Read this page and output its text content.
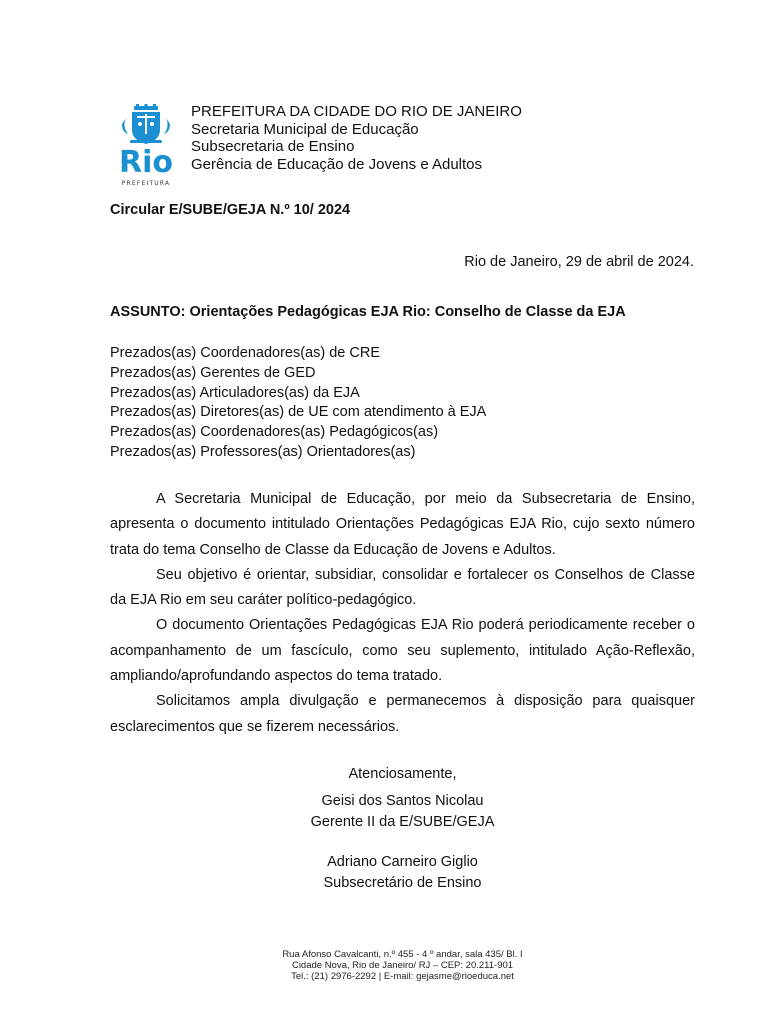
Rio
PREFEITURA
PREFEITURA DA CIDADE DO RIO DE JANEIRO
Secretaria Municipal de Educação
Subsecretaria de Ensino
Gerência de Educação de Jovens e Adultos
Circular E/SUBE/GEJA N.º 10/ 2024
Rio de Janeiro, 29 de abril de 2024.
ASSUNTO: Orientações Pedagógicas EJA Rio: Conselho de Classe da EJA
Prezados(as) Coordenadores(as) de CRE
Prezados(as) Gerentes de GED
Prezados(as) Articuladores(as) da EJA
Prezados(as) Diretores(as) de UE com atendimento à EJA
Prezados(as) Coordenadores(as) Pedagógicos(as)
Prezados(as) Professores(as) Orientadores(as)

A Secretaria Municipal de Educação, por meio da Subsecretaria de Ensino, apresenta o documento intitulado Orientações Pedagógicas EJA Rio, cujo sexto número trata do tema Conselho de Classe da Educação de Jovens e Adultos.

Seu objetivo é orientar, subsidiar, consolidar e fortalecer os Conselhos de Classe da EJA Rio em seu caráter político-pedagógico.

O documento Orientações Pedagógicas EJA Rio poderá periodicamente receber o acompanhamento de um fascículo, como seu suplemento, intitulado Ação-Reflexão, ampliando/aprofundando aspectos do tema tratado.

Solicitamos ampla divulgação e permanecemos à disposição para quaisquer esclarecimentos que se fizerem necessários.

Atenciosamente,
Geisi dos Santos Nicolau
Gerente II da E/SUBE/GEJA
Adriano Carneiro Giglio
Subsecretário de Ensino
Rua Afonso Cavalcanti, n.º 455 - 4 º andar, sala 435/ Bl. I
Cidade Nova, Rio de Janeiro/ RJ – CEP: 20.211-901
Tel.: (21) 2976-2292 | E-mail: gejasme@rioeduca.net
